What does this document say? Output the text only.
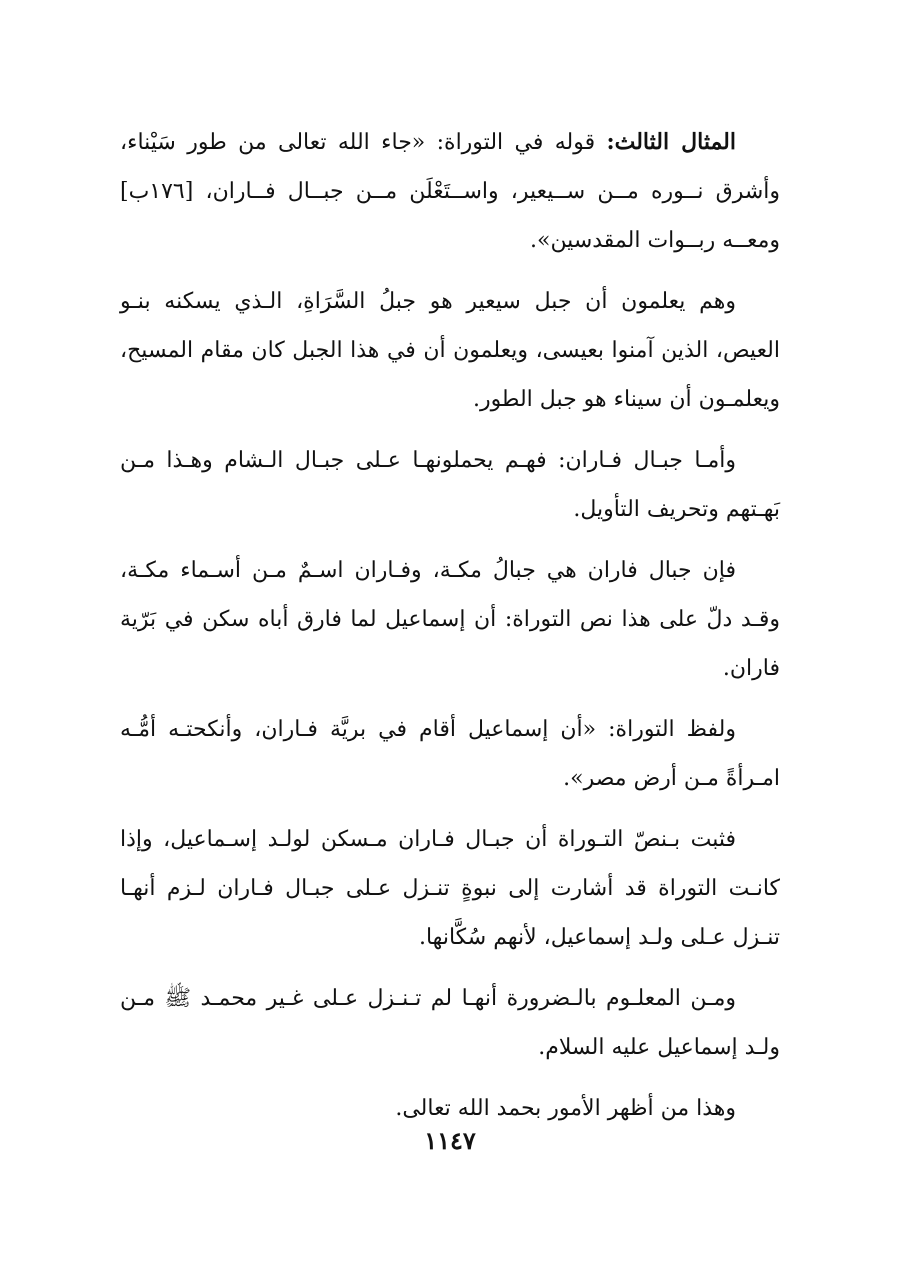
المثال الثالث: قوله في التوراة: «جاء الله تعالى من طور سَيْناء، وأشرق نــوره مــن ســيعير، واســتَعْلَن مــن جبــال فــاران، [١٧٦ب] ومعــه ربــوات المقدسين».

وهم يعلمون أن جبل سيعير هو جبلُ السَّرَاةِ، الـذي يسكنه بنـو العيص، الذين آمنوا بعيسى، ويعلمون أن في هذا الجبل كان مقام المسيح، ويعلمـون أن سيناء هو جبل الطور.

وأمـا جبـال فـاران: فهـم يحملونهـا عـلى جبـال الـشام وهـذا مـن بَهـتهم وتحريف التأويل.

فإن جبال فاران هي جبالُ مكـة، وفـاران اسـمٌ مـن أسـماء مكـة، وقـد دلّ على هذا نص التوراة: أن إسماعيل لما فارق أباه سكن في بَرّية فاران.

ولفظ التوراة: «أن إسماعيل أقام في بريَّة فـاران، وأنكحتـه أمُّـه امـرأةً مـن أرض مصر».

فثبت بـنصّ التـوراة أن جبـال فـاران مـسكن لولـد إسـماعيل، وإذا كانـت التوراة قد أشارت إلى نبوةٍ تنـزل عـلى جبـال فـاران لـزم أنهـا تنـزل عـلى ولـد إسماعيل، لأنهم سُكَّانها.

ومـن المعلـوم بالـضرورة أنهـا لم تـنـزل عـلى غـير محمـد ﷺ مـن ولـد إسماعيل عليه السلام.

وهذا من أظهر الأمور بحمد الله تعالى.

١١٤٧
